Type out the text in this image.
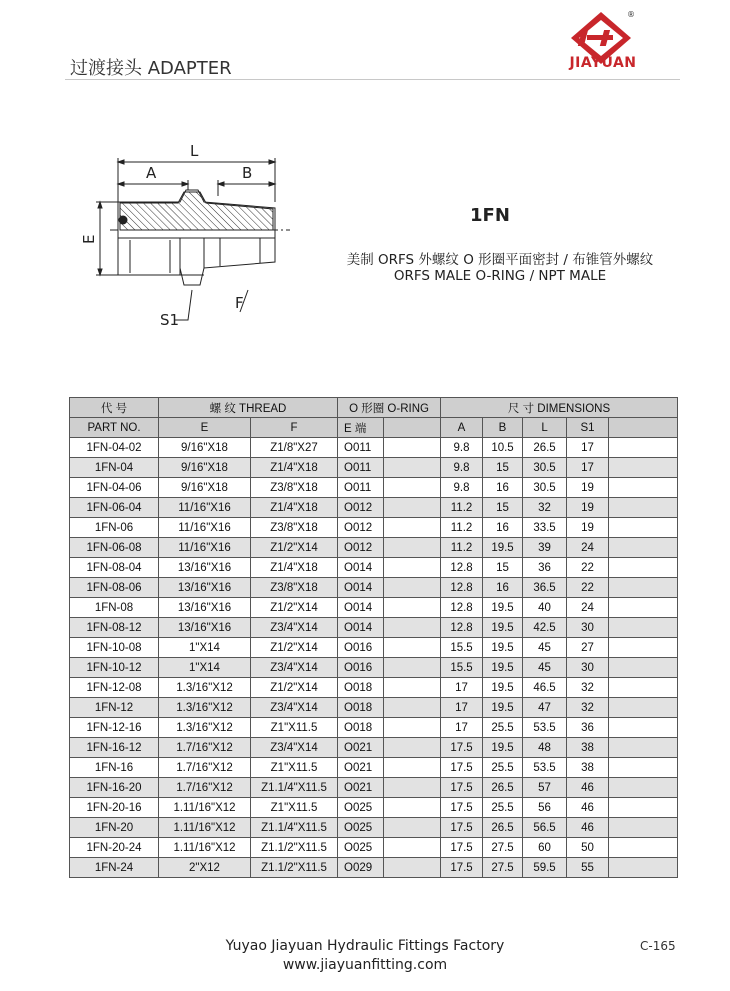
过渡接头 ADAPTER
®
JIAYUAN
L
A	B
E
F
S1
1FN
美制 ORFS 外螺纹 O 形圈平面密封 / 布锥管外螺纹
ORFS MALE O-RING / NPT MALE
代 号	螺 纹 THREAD		O 形圈 O-RING		尺 寸 DIMENSIONS				
PART NO.	E	F	E 端		A	B	L	S1	
1FN-04-02	9/16"X18	Z1/8"X27	O011		9.8	10.5	26.5	17	
1FN-04	9/16"X18	Z1/4"X18	O011		9.8	15	30.5	17	
1FN-04-06	9/16"X18	Z3/8"X18	O011		9.8	16	30.5	19	
1FN-06-04	11/16"X16	Z1/4"X18	O012		11.2	15	32	19	
1FN-06	11/16"X16	Z3/8"X18	O012		11.2	16	33.5	19	
1FN-06-08	11/16"X16	Z1/2"X14	O012		11.2	19.5	39	24	
1FN-08-04	13/16"X16	Z1/4"X18	O014		12.8	15	36	22	
1FN-08-06	13/16"X16	Z3/8"X18	O014		12.8	16	36.5	22	
1FN-08	13/16"X16	Z1/2"X14	O014		12.8	19.5	40	24	
1FN-08-12	13/16"X16	Z3/4"X14	O014		12.8	19.5	42.5	30	
1FN-10-08	1"X14	Z1/2"X14	O016		15.5	19.5	45	27	
1FN-10-12	1"X14	Z3/4"X14	O016		15.5	19.5	45	30	
1FN-12-08	1.3/16"X12	Z1/2"X14	O018		17	19.5	46.5	32	
1FN-12	1.3/16"X12	Z3/4"X14	O018		17	19.5	47	32	
1FN-12-16	1.3/16"X12	Z1"X11.5	O018		17	25.5	53.5	36	
1FN-16-12	1.7/16"X12	Z3/4"X14	O021		17.5	19.5	48	38	
1FN-16	1.7/16"X12	Z1"X11.5	O021		17.5	25.5	53.5	38	
1FN-16-20	1.7/16"X12	Z1.1/4"X11.5	O021		17.5	26.5	57	46	
1FN-20-16	1.11/16"X12	Z1"X11.5	O025		17.5	25.5	56	46	
1FN-20	1.11/16"X12	Z1.1/4"X11.5	O025		17.5	26.5	56.5	46	
1FN-20-24	1.11/16"X12	Z1.1/2"X11.5	O025		17.5	27.5	60	50	
1FN-24	2"X12	Z1.1/2"X11.5	O029		17.5	27.5	59.5	55	
Yuyao Jiayuan Hydraulic Fittings Factory
www.jiayuanfitting.com
C-165
